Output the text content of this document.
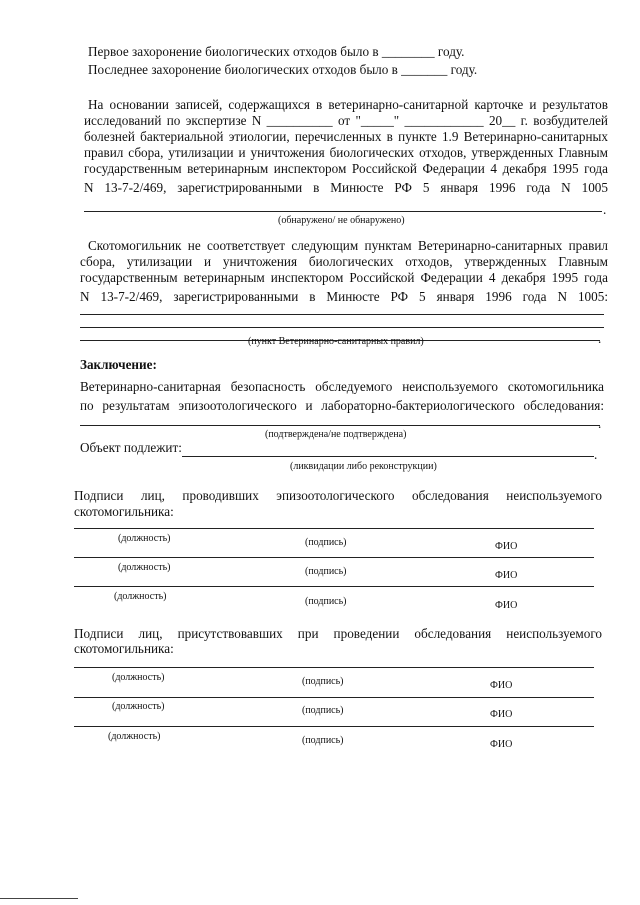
Первое захоронение биологических отходов было в ________ году.
Последнее захоронение биологических отходов было в _______ году.
На основании записей, содержащихся в ветеринарно-санитарной карточке и результатов
исследований по экспертизе N __________ от "_____" ____________ 20__ г. возбудителей
болезней бактериальной этиологии, перечисленных в пункте 1.9 Ветеринарно-санитарных
правил сбора, утилизации и уничтожения биологических отходов, утвержденных Главным
государственным ветеринарным инспектором Российской Федерации 4 декабря 1995 года
N 13-7-2/469, зарегистрированными в Минюсте РФ 5 января 1996 года N 1005
.
(обнаружено/ не обнаружено)
Скотомогильник не соответствует следующим пунктам Ветеринарно-санитарных правил
сбора, утилизации и уничтожения биологических отходов, утвержденных Главным
государственным ветеринарным инспектором Российской Федерации 4 декабря 1995 года
N 13-7-2/469, зарегистрированными в Минюсте РФ 5 января 1996 года N 1005:
.
(пункт Ветеринарно-санитарных правил)
Заключение:
Ветеринарно-санитарная безопасность обследуемого неиспользуемого скотомогильника
по результатам эпизоотологического и лабораторно-бактериологического обследования:
.
(подтверждена/не подтверждена)
Объект подлежит:	.
(ликвидации либо реконструкции)
Подписи лиц, проводивших эпизоотологического обследования неиспользуемого
скотомогильника:
(должность)	(подпись)	ФИО
(должность)	(подпись)	ФИО
(должность)	(подпись)	ФИО
Подписи лиц, присутствовавших при проведении обследования неиспользуемого
скотомогильника:
(должность)	(подпись)	ФИО
(должность)	(подпись)	ФИО
(должность)	(подпись)	ФИО
